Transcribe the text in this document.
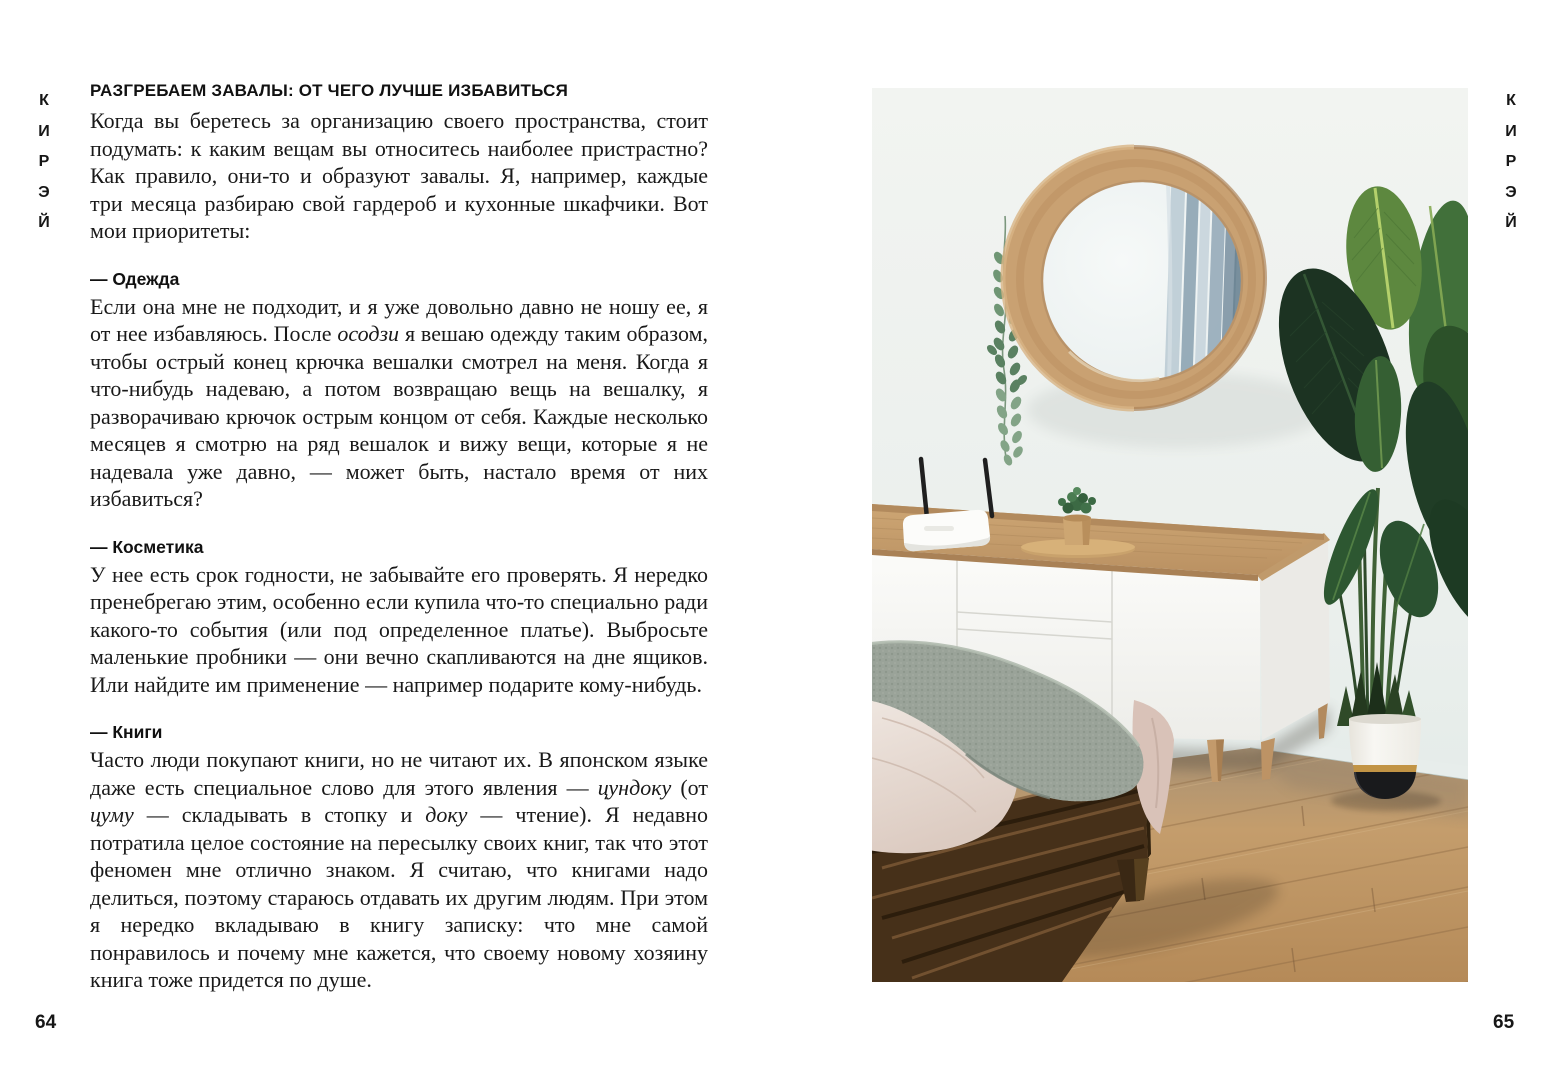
К
И
Р
Э
Й
РАЗГРЕБАЕМ ЗАВАЛЫ: ОТ ЧЕГО ЛУЧШЕ ИЗБАВИТЬСЯ

Когда вы беретесь за организацию своего пространства, стоит подумать: к каким вещам вы относитесь наиболее пристрастно? Как правило, они-то и образуют завалы. Я, например, каждые три месяца разбираю свой гардероб и кухонные шкафчики. Вот мои приоритеты:

— Одежда

Если она мне не подходит, и я уже довольно давно не ношу ее, я от нее избавляюсь. После осодзи я вешаю одежду таким образом, чтобы острый конец крючка вешалки смотрел на меня. Когда я что-нибудь надеваю, а потом возвращаю вещь на вешалку, я разворачиваю крючок острым концом от себя. Каждые несколько месяцев я смотрю на ряд вешалок и вижу вещи, которые я не надевала уже давно, — может быть, настало время от них избавиться?

— Косметика

У нее есть срок годности, не забывайте его проверять. Я нередко пренебрегаю этим, особенно если купила что-то специально ради какого-то события (или под определенное платье). Выбросьте маленькие пробники — они вечно скапливаются на дне ящиков. Или найдите им применение — например подарите кому-нибудь.

— Книги

Часто люди покупают книги, но не читают их. В японском языке даже есть специальное слово для этого явления — цундоку (от цуму — складывать в стопку и доку — чтение). Я недавно потратила целое состояние на пересылку своих книг, так что этот феномен мне отлично знаком. Я считаю, что книгами надо делиться, поэтому стараюсь отдавать их другим людям. При этом я нередко вкладываю в книгу записку: что мне самой понравилось и почему мне кажется, что своему новому хозяину книга тоже придется по душе.

64
К
И
Р
Э
Й
65
